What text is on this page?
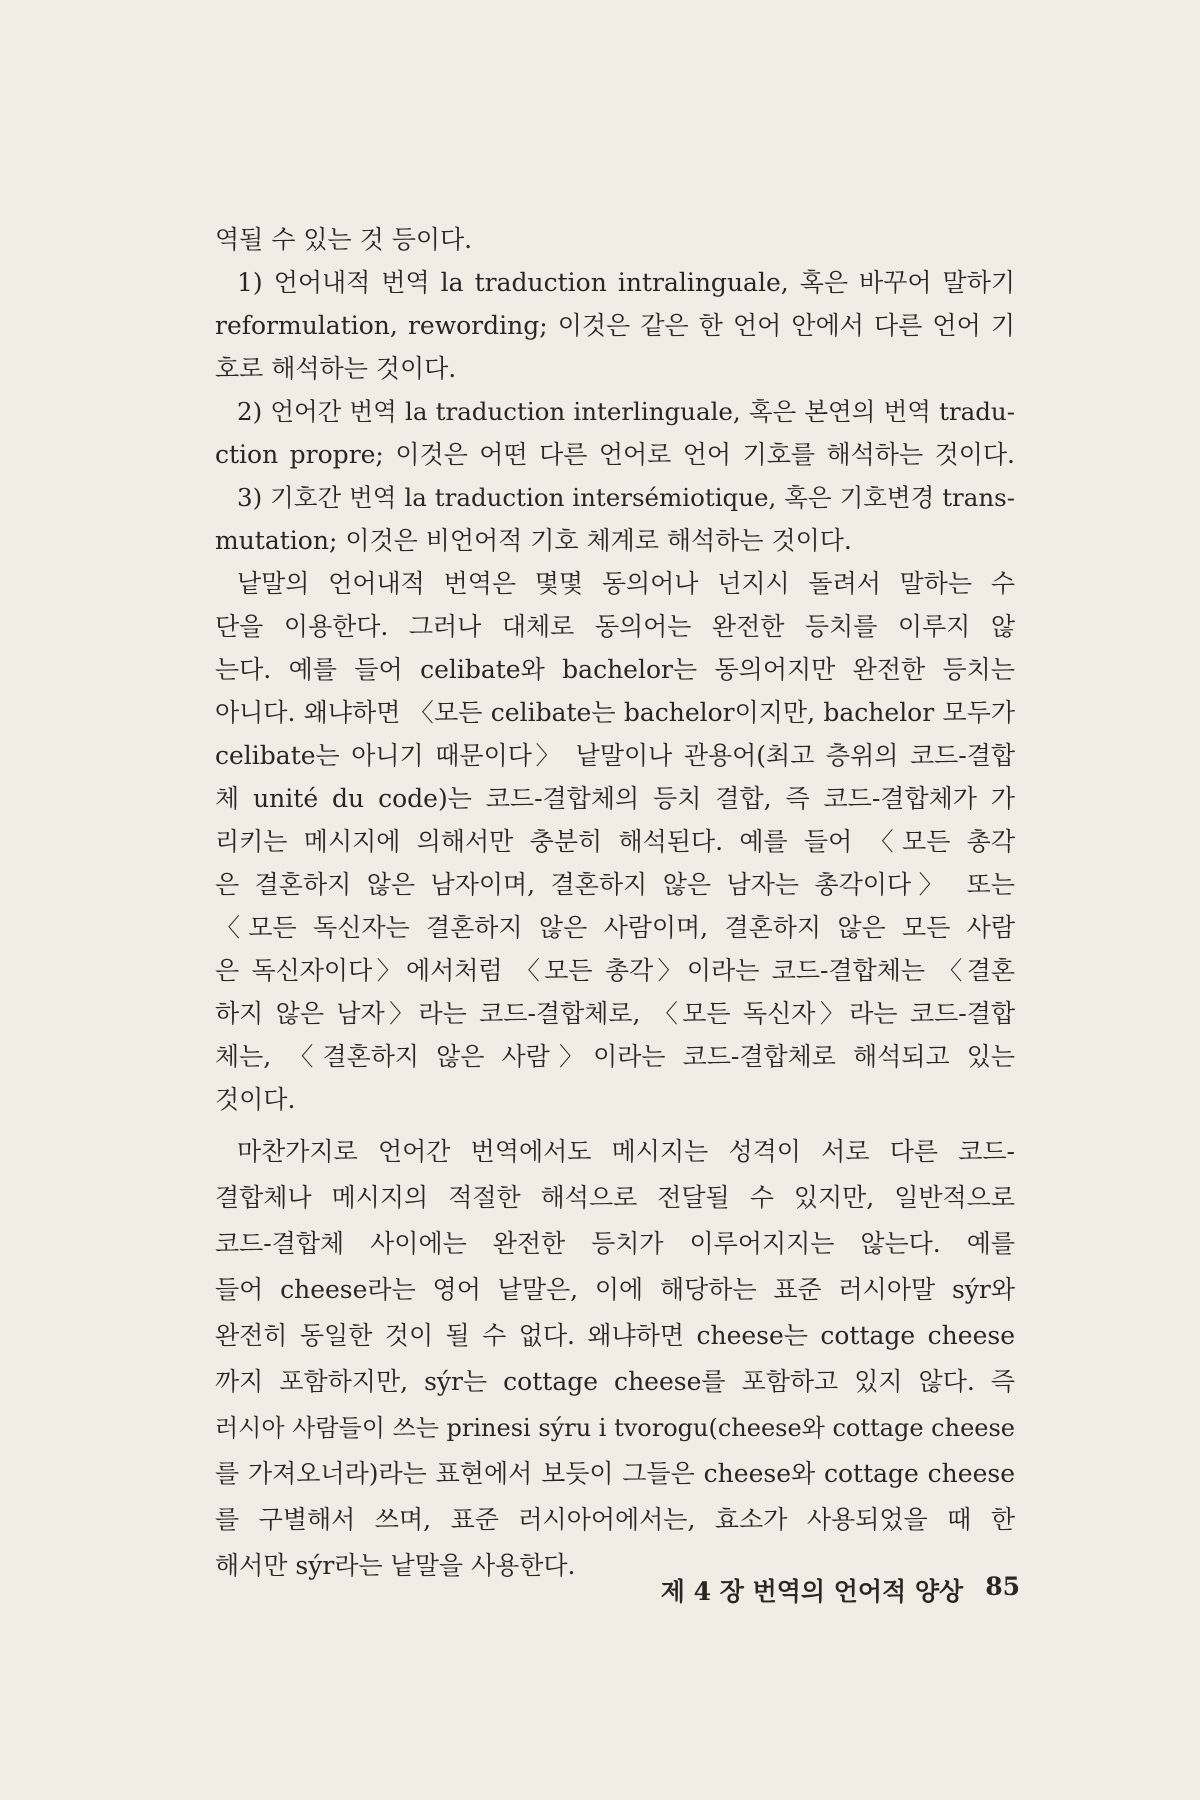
역될 수 있는 것 등이다.
1) 언어내적 번역 la traduction intralinguale, 혹은 바꾸어 말하기
reformulation, rewording; 이것은 같은 한 언어 안에서 다른 언어 기
호로 해석하는 것이다.
2) 언어간 번역 la traduction interlinguale, 혹은 본연의 번역 tradu-
ction propre; 이것은 어떤 다른 언어로 언어 기호를 해석하는 것이다.
3) 기호간 번역 la traduction intersémiotique, 혹은 기호변경 trans-
mutation; 이것은 비언어적 기호 체계로 해석하는 것이다.
낱말의 언어내적 번역은 몇몇 동의어나 넌지시 돌려서 말하는 수
단을 이용한다. 그러나 대체로 동의어는 완전한 등치를 이루지 않
는다. 예를 들어 celibate와 bachelor는 동의어지만 완전한 등치는
아니다. 왜냐하면 〈모든 celibate는 bachelor이지만, bachelor 모두가
celibate는 아니기 때문이다〉 낱말이나 관용어(최고 층위의 코드-결합
체 unité du code)는 코드-결합체의 등치 결합, 즉 코드-결합체가 가
리키는 메시지에 의해서만 충분히 해석된다. 예를 들어 〈모든 총각
은 결혼하지 않은 남자이며, 결혼하지 않은 남자는 총각이다〉 또는
〈모든 독신자는 결혼하지 않은 사람이며, 결혼하지 않은 모든 사람
은 독신자이다〉에서처럼 〈모든 총각〉이라는 코드-결합체는 〈결혼
하지 않은 남자〉라는 코드-결합체로, 〈모든 독신자〉라는 코드-결합
체는, 〈결혼하지 않은 사람〉이라는 코드-결합체로 해석되고 있는
것이다.
마찬가지로 언어간 번역에서도 메시지는 성격이 서로 다른 코드-
결합체나 메시지의 적절한 해석으로 전달될 수 있지만, 일반적으로
코드-결합체 사이에는 완전한 등치가 이루어지지는 않는다. 예를
들어 cheese라는 영어 낱말은, 이에 해당하는 표준 러시아말 sýr와
완전히 동일한 것이 될 수 없다. 왜냐하면 cheese는 cottage cheese
까지 포함하지만, sýr는 cottage cheese를 포함하고 있지 않다. 즉
러시아 사람들이 쓰는 prinesi sýru i tvorogu(cheese와 cottage cheese
를 가져오너라)라는 표현에서 보듯이 그들은 cheese와 cottage cheese
를 구별해서 쓰며, 표준 러시아어에서는, 효소가 사용되었을 때 한
해서만 sýr라는 낱말을 사용한다.
제 4 장 번역의 언어적 양상 85
